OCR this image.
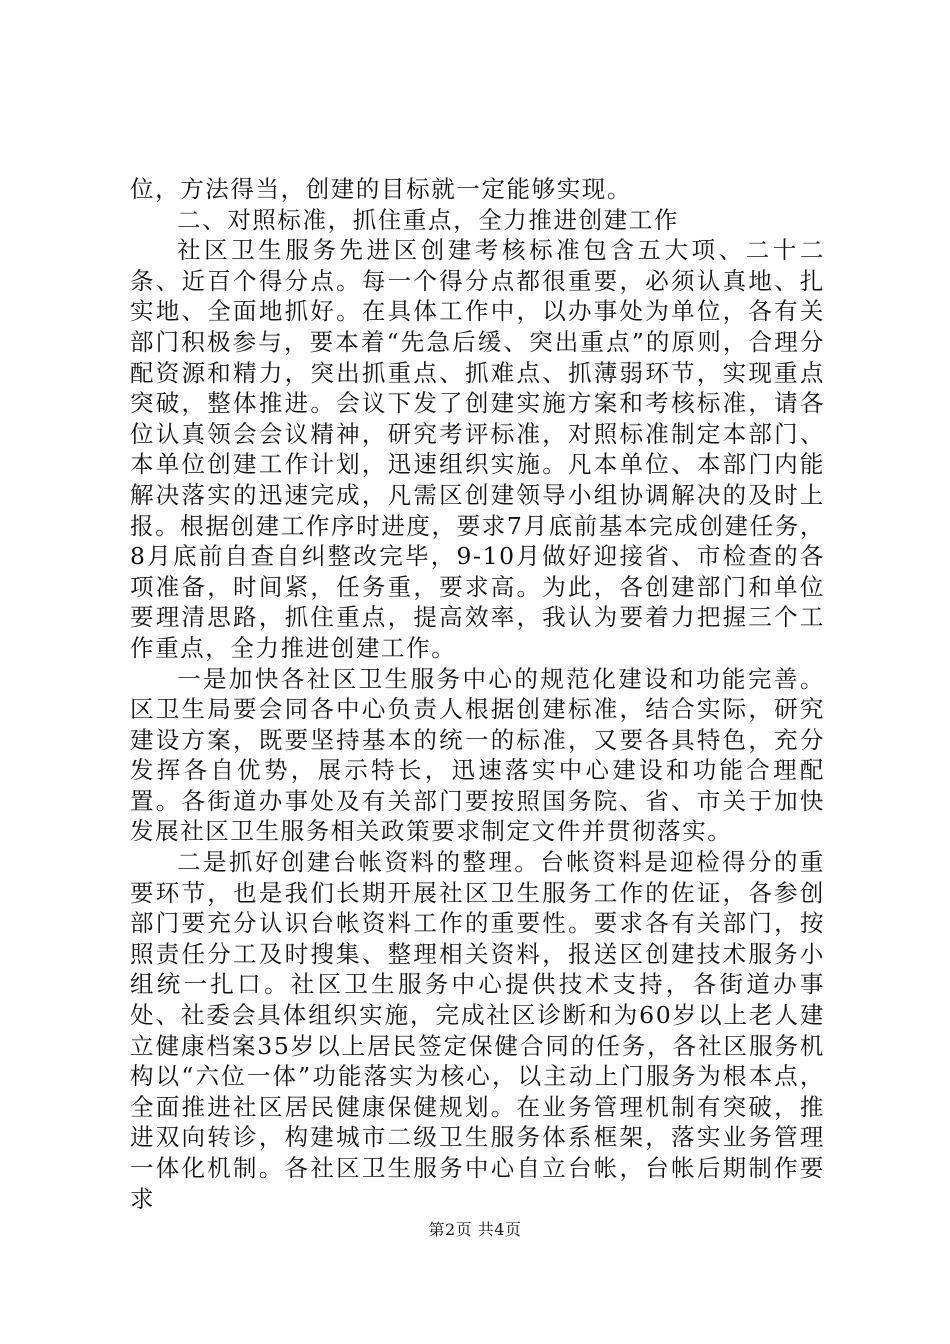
位，方法得当，创建的目标就一定能够实现。

二、对照标准，抓住重点，全力推进创建工作

社区卫生服务先进区创建考核标准包含五大项、二十二条、近百个得分点。每一个得分点都很重要，必须认真地、扎实地、全面地抓好。在具体工作中，以办事处为单位，各有关部门积极参与，要本着“先急后缓、突出重点”的原则，合理分配资源和精力，突出抓重点、抓难点、抓薄弱环节，实现重点突破，整体推进。会议下发了创建实施方案和考核标准，请各位认真领会会议精神，研究考评标准，对照标准制定本部门、本单位创建工作计划，迅速组织实施。凡本单位、本部门内能解决落实的迅速完成，凡需区创建领导小组协调解决的及时上报。根据创建工作序时进度，要求7月底前基本完成创建任务，8月底前自查自纠整改完毕，9-10月做好迎接省、市检查的各项准备，时间紧，任务重，要求高。为此，各创建部门和单位要理清思路，抓住重点，提高效率，我认为要着力把握三个工作重点，全力推进创建工作。

一是加快各社区卫生服务中心的规范化建设和功能完善。区卫生局要会同各中心负责人根据创建标准，结合实际，研究建设方案，既要坚持基本的统一的标准，又要各具特色，充分发挥各自优势，展示特长，迅速落实中心建设和功能合理配置。各街道办事处及有关部门要按照国务院、省、市关于加快发展社区卫生服务相关政策要求制定文件并贯彻落实。

二是抓好创建台帐资料的整理。台帐资料是迎检得分的重要环节，也是我们长期开展社区卫生服务工作的佐证，各参创部门要充分认识台帐资料工作的重要性。要求各有关部门，按照责任分工及时搜集、整理相关资料，报送区创建技术服务小组统一扎口。社区卫生服务中心提供技术支持，各街道办事处、社委会具体组织实施，完成社区诊断和为60岁以上老人建立健康档案35岁以上居民签定保健合同的任务，各社区服务机构以“六位一体”功能落实为核心，以主动上门服务为根本点，全面推进社区居民健康保健规划。在业务管理机制有突破，推进双向转诊，构建城市二级卫生服务体系框架，落实业务管理一体化机制。各社区卫生服务中心自立台帐，台帐后期制作要求

第2页 共4页
